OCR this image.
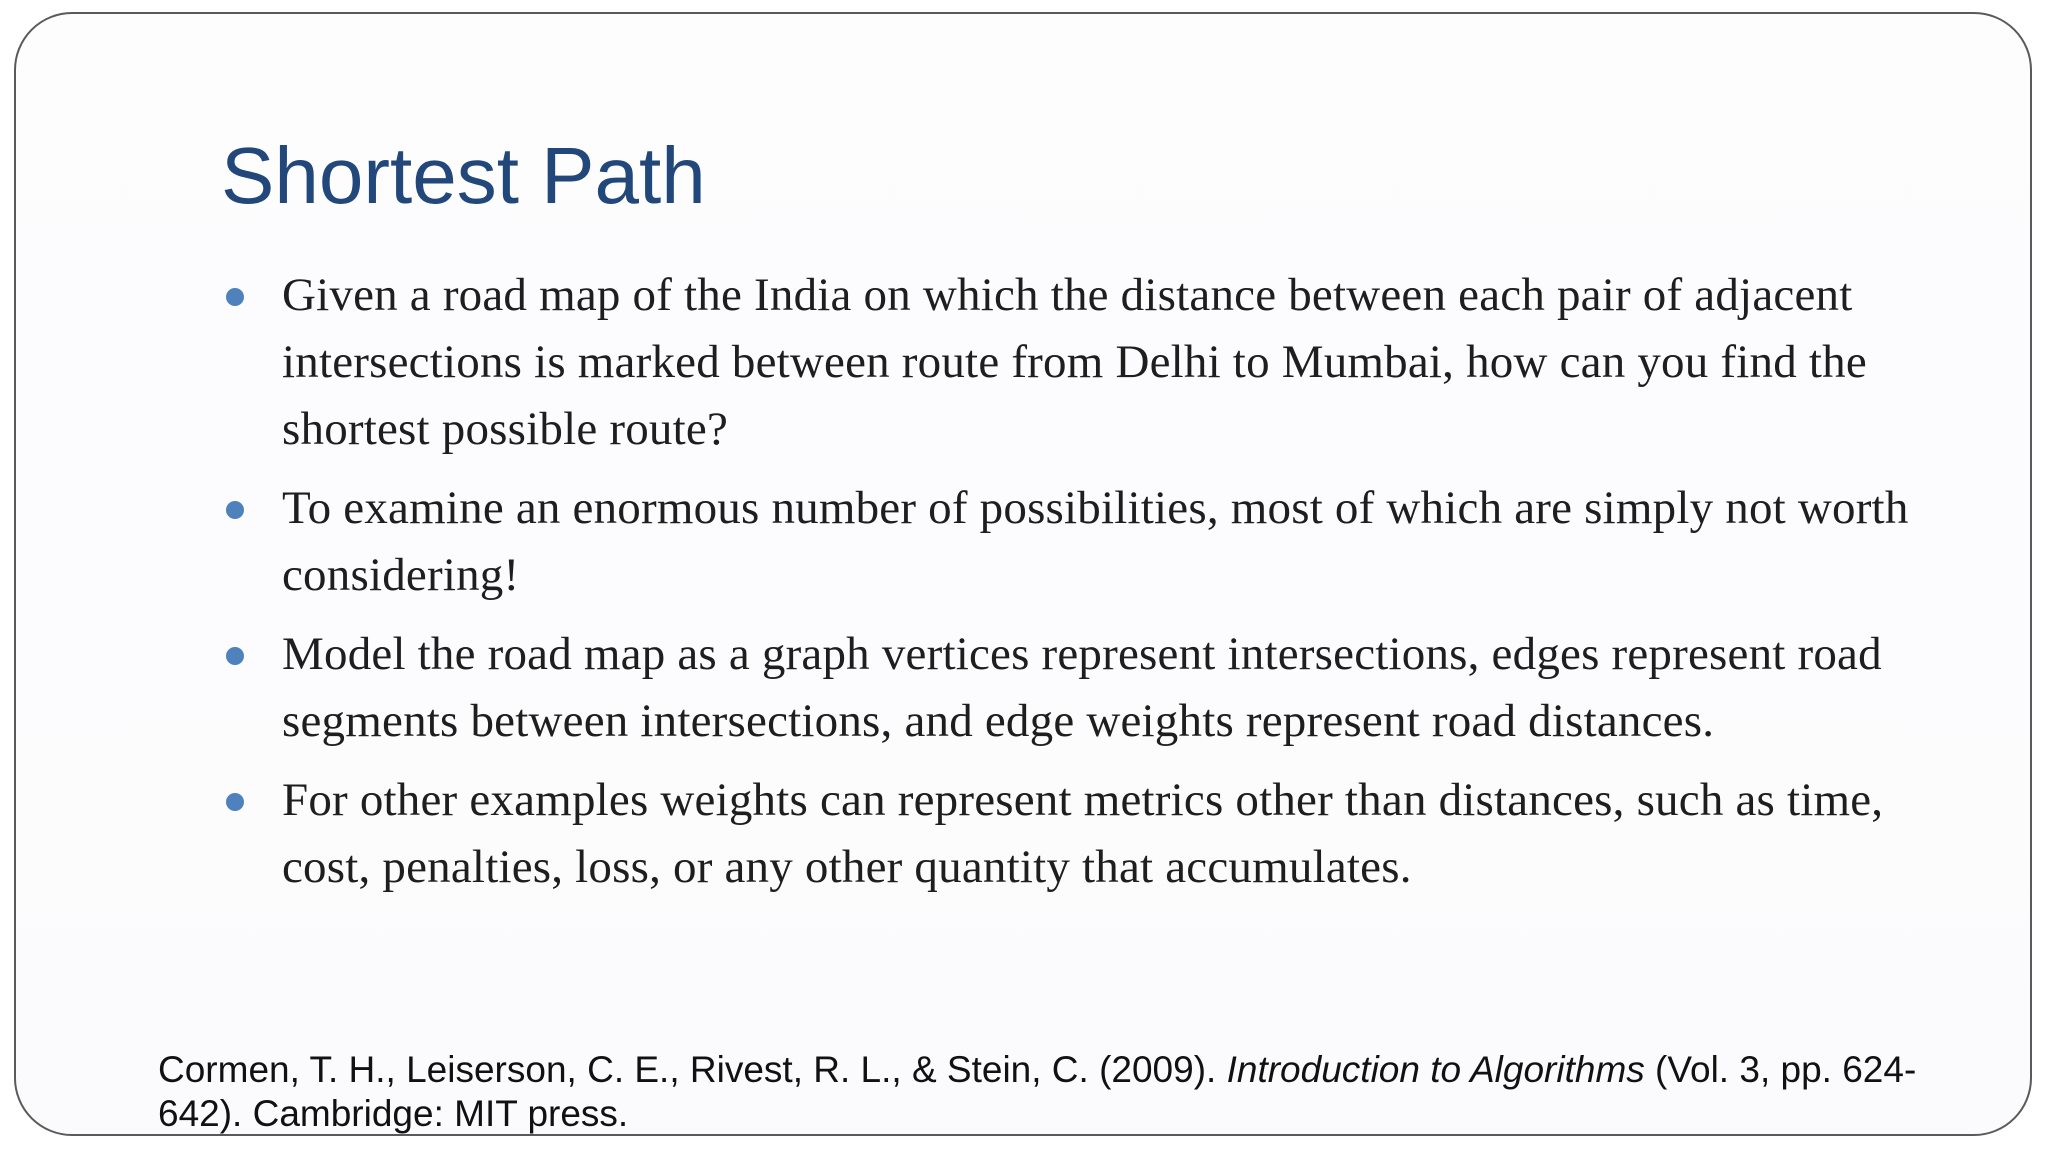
Shortest Path
Given a road map of the India on which the distance between each pair of adjacent intersections is marked between route from Delhi to Mumbai, how can you find the shortest possible route?
To examine an enormous number of possibilities, most of which are simply not worth considering!
Model the road map as a graph vertices represent intersections, edges represent road segments between intersections, and edge weights represent road distances.
For other examples weights can represent metrics other than distances, such as time, cost, penalties, loss, or any other quantity that accumulates.

Cormen, T. H., Leiserson, C. E., Rivest, R. L., & Stein, C. (2009). Introduction to Algorithms (Vol. 3, pp. 624-642). Cambridge: MIT press.
